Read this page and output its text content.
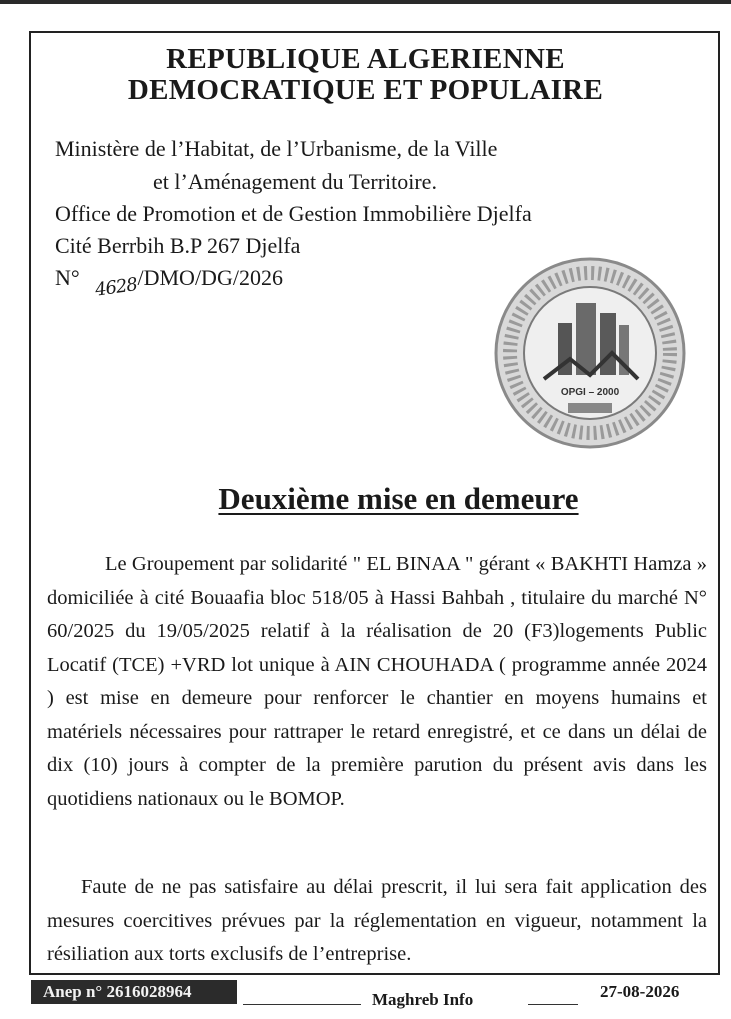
REPUBLIQUE ALGERIENNE
DEMOCRATIQUE ET POPULAIRE
Ministère de l’Habitat, de l’Urbanisme, de la Ville
et l’Aménagement du Territoire.
Office de Promotion et de Gestion Immobilière Djelfa
Cité Berrbih B.P 267 Djelfa
N° 4628/DMO/DG/2026
OPGI – 2000
Deuxième mise en demeure
Le Groupement par solidarité " EL BINAA " gérant « BAKHTI Hamza » domiciliée à cité Bouaafia bloc 518/05 à Hassi Bahbah , titulaire du marché N° 60/2025 du 19/05/2025 relatif à la réalisation de 20 (F3)logements Public Locatif (TCE) +VRD lot unique à AIN CHOUHADA ( programme année 2024 ) est mise en demeure pour renforcer le chantier en moyens humains et matériels nécessaires pour rattraper le retard enregistré, et ce dans un délai de dix (10) jours à compter de la première parution du présent avis dans les quotidiens nationaux ou le BOMOP.
Faute de ne pas satisfaire au délai prescrit, il lui sera fait application des mesures coercitives prévues par la réglementation en vigueur, notamment la résiliation aux torts exclusifs de l’entreprise.
Anep n° 2616028964	Maghreb Info	27-08-2026
